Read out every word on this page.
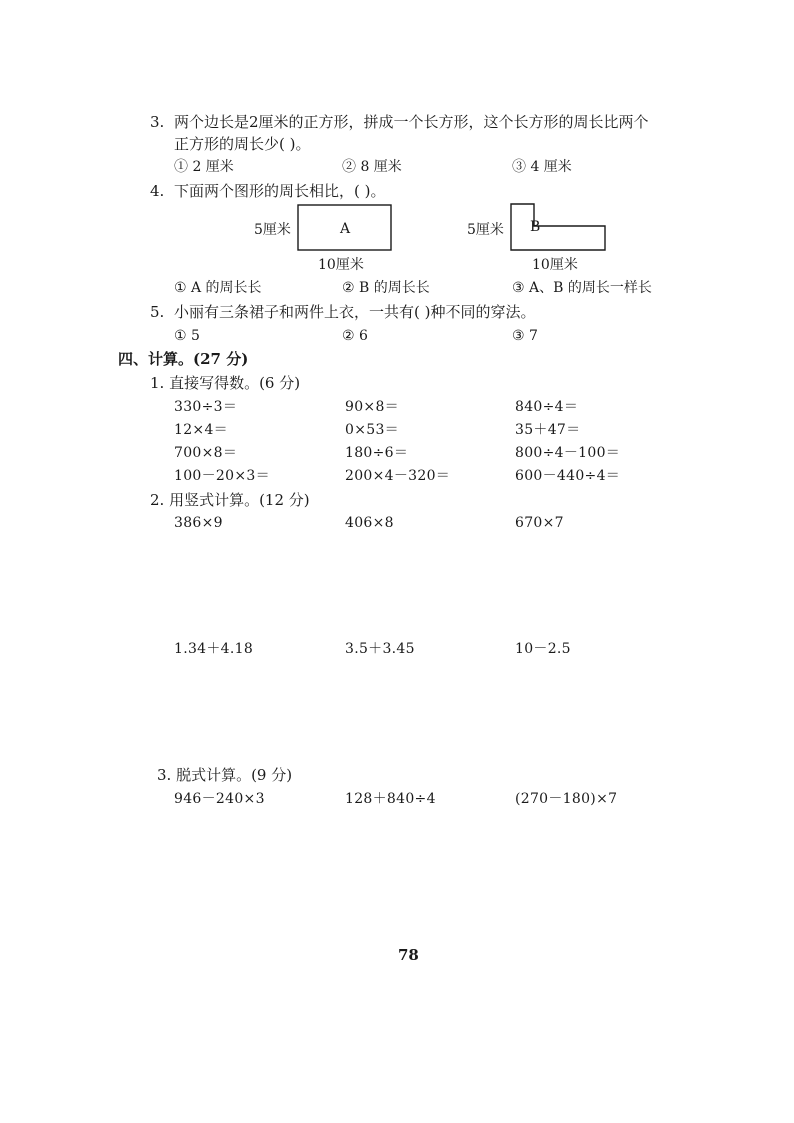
3. 两个边长是2厘米的正方形，拼成一个长方形，这个长方形的周长比两个
正方形的周长少( )。
① 2 厘米	② 8 厘米	③ 4 厘米
4. 下面两个图形的周长相比，( )。
5厘米	A
10厘米
5厘米 B
10厘米
① A 的周长长	② B 的周长长	③ A、B 的周长一样长
5. 小丽有三条裙子和两件上衣，一共有( )种不同的穿法。
① 5	② 6	③ 7
四、计算。(27 分)
1. 直接写得数。(6 分)
330÷3＝	90×8＝	840÷4＝
12×4＝	0×53＝	35＋47＝
700×8＝	180÷6＝	800÷4－100＝
100－20×3＝	200×4－320＝	600－440÷4＝
2. 用竖式计算。(12 分)
386×9	406×8	670×7
1.34＋4.18	3.5＋3.45	10－2.5
3. 脱式计算。(9 分)
946－240×3	128＋840÷4	(270－180)×7
78
